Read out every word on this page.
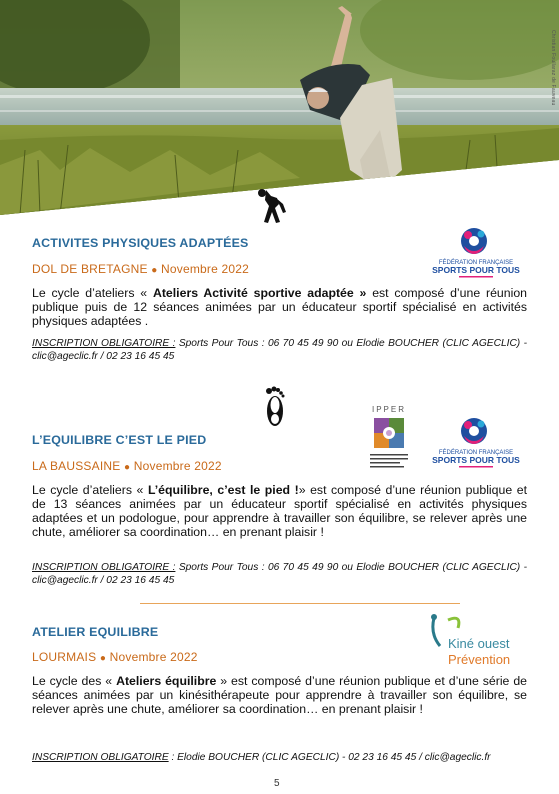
Christian Foullaraz de Fauveau
ACTIVITES PHYSIQUES ADAPTÉES
DOL DE BRETAGNE ● Novembre 2022
Le cycle d’ateliers « Ateliers Activité sportive adaptée » est composé d’une réunion publique puis de 12 séances animées par un éducateur sportif spécialisé en activités physiques adaptées .
INSCRIPTION OBLIGATOIRE : Sports Pour Tous : 06 70 45 49 90 ou Elodie BOUCHER (CLIC AGECLIC) - clic@ageclic.fr / 02 23 16 45 45
FÉDÉRATION FRANÇAISE
SPORTS POUR TOUS
L’EQUILIBRE C’EST LE PIED
LA BAUSSAINE ● Novembre 2022
Le cycle d’ateliers « L’équilibre, c’est le pied !» est composé d’une réunion publique et de 13 séances animées par un éducateur sportif spécialisé en activités physiques adaptées et un podologue, pour apprendre à travailler son équilibre, se relever après une chute, améliorer sa coordination… en prenant plaisir !
INSCRIPTION OBLIGATOIRE : Sports Pour Tous : 06 70 45 49 90 ou Elodie BOUCHER (CLIC AGECLIC) - clic@ageclic.fr / 02 23 16 45 45
IPPER
FÉDÉRATION FRANÇAISE
SPORTS POUR TOUS
ATELIER EQUILIBRE
LOURMAIS ● Novembre 2022
Le cycle des « Ateliers équilibre » est composé d’une réunion publique et d’une série de séances animées par un kinésithérapeute pour apprendre à travailler son équilibre, se relever après une chute, améliorer sa coordination… en prenant plaisir !
INSCRIPTION OBLIGATOIRE : Elodie BOUCHER (CLIC AGECLIC) - 02 23 16 45 45 / clic@ageclic.fr
Kiné ouest
Prévention
5
